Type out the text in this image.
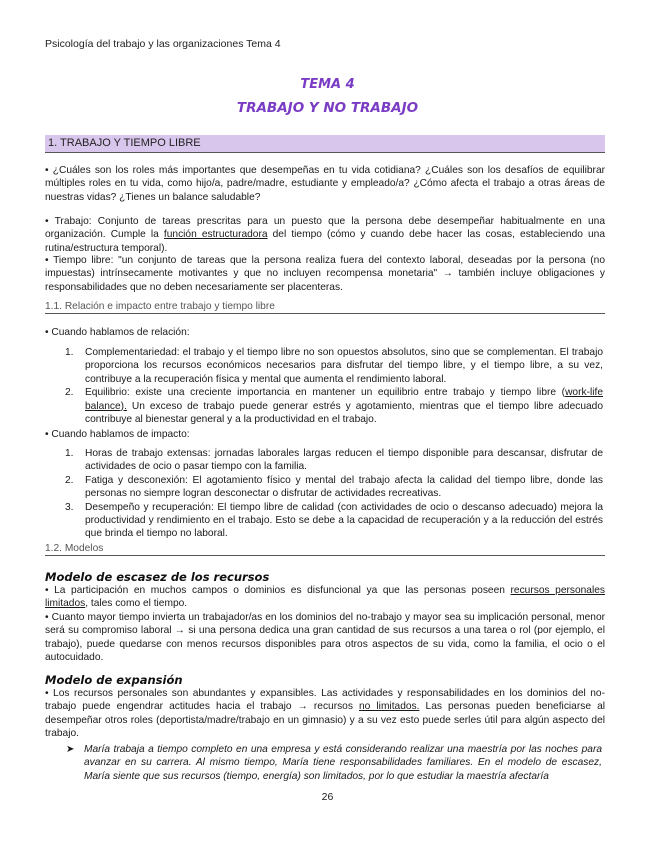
Psicología del trabajo y las organizaciones Tema 4
TEMA 4
TRABAJO Y NO TRABAJO
1. TRABAJO Y TIEMPO LIBRE
• ¿Cuáles son los roles más importantes que desempeñas en tu vida cotidiana? ¿Cuáles son los desafíos de equilibrar múltiples roles en tu vida, como hijo/a, padre/madre, estudiante y empleado/a? ¿Cómo afecta el trabajo a otras áreas de nuestras vidas? ¿Tienes un balance saludable?
• Trabajo: Conjunto de tareas prescritas para un puesto que la persona debe desempeñar habitualmente en una organización. Cumple la función estructuradora del tiempo (cómo y cuando debe hacer las cosas, estableciendo una rutina/estructura temporal).
• Tiempo libre: "un conjunto de tareas que la persona realiza fuera del contexto laboral, deseadas por la persona (no impuestas) intrínsecamente motivantes y que no incluyen recompensa monetaria" → también incluye obligaciones y responsabilidades que no deben necesariamente ser placenteras.
1.1. Relación e impacto entre trabajo y tiempo libre
• Cuando hablamos de relación:
1. Complementariedad: el trabajo y el tiempo libre no son opuestos absolutos, sino que se complementan. El trabajo proporciona los recursos económicos necesarios para disfrutar del tiempo libre, y el tiempo libre, a su vez, contribuye a la recuperación física y mental que aumenta el rendimiento laboral.
2. Equilibrio: existe una creciente importancia en mantener un equilibrio entre trabajo y tiempo libre (work-life balance). Un exceso de trabajo puede generar estrés y agotamiento, mientras que el tiempo libre adecuado contribuye al bienestar general y a la productividad en el trabajo.
• Cuando hablamos de impacto:
1. Horas de trabajo extensas: jornadas laborales largas reducen el tiempo disponible para descansar, disfrutar de actividades de ocio o pasar tiempo con la familia.
2. Fatiga y desconexión: El agotamiento físico y mental del trabajo afecta la calidad del tiempo libre, donde las personas no siempre logran desconectar o disfrutar de actividades recreativas.
3. Desempeño y recuperación: El tiempo libre de calidad (con actividades de ocio o descanso adecuado) mejora la productividad y rendimiento en el trabajo. Esto se debe a la capacidad de recuperación y a la reducción del estrés que brinda el tiempo no laboral.
1.2. Modelos
Modelo de escasez de los recursos
• La participación en muchos campos o dominios es disfuncional ya que las personas poseen recursos personales limitados, tales como el tiempo.
• Cuanto mayor tiempo invierta un trabajador/as en los dominios del no-trabajo y mayor sea su implicación personal, menor será su compromiso laboral → si una persona dedica una gran cantidad de sus recursos a una tarea o rol (por ejemplo, el trabajo), puede quedarse con menos recursos disponibles para otros aspectos de su vida, como la familia, el ocio o el autocuidado.
Modelo de expansión
• Los recursos personales son abundantes y expansibles. Las actividades y responsabilidades en los dominios del no-trabajo puede engendrar actitudes hacia el trabajo → recursos no limitados. Las personas pueden beneficiarse al desempeñar otros roles (deportista/madre/trabajo en un gimnasio) y a su vez esto puede serles útil para algún aspecto del trabajo.
➤ María trabaja a tiempo completo en una empresa y está considerando realizar una maestría por las noches para avanzar en su carrera. Al mismo tiempo, María tiene responsabilidades familiares. En el modelo de escasez, María siente que sus recursos (tiempo, energía) son limitados, por lo que estudiar la maestría afectaría
26
